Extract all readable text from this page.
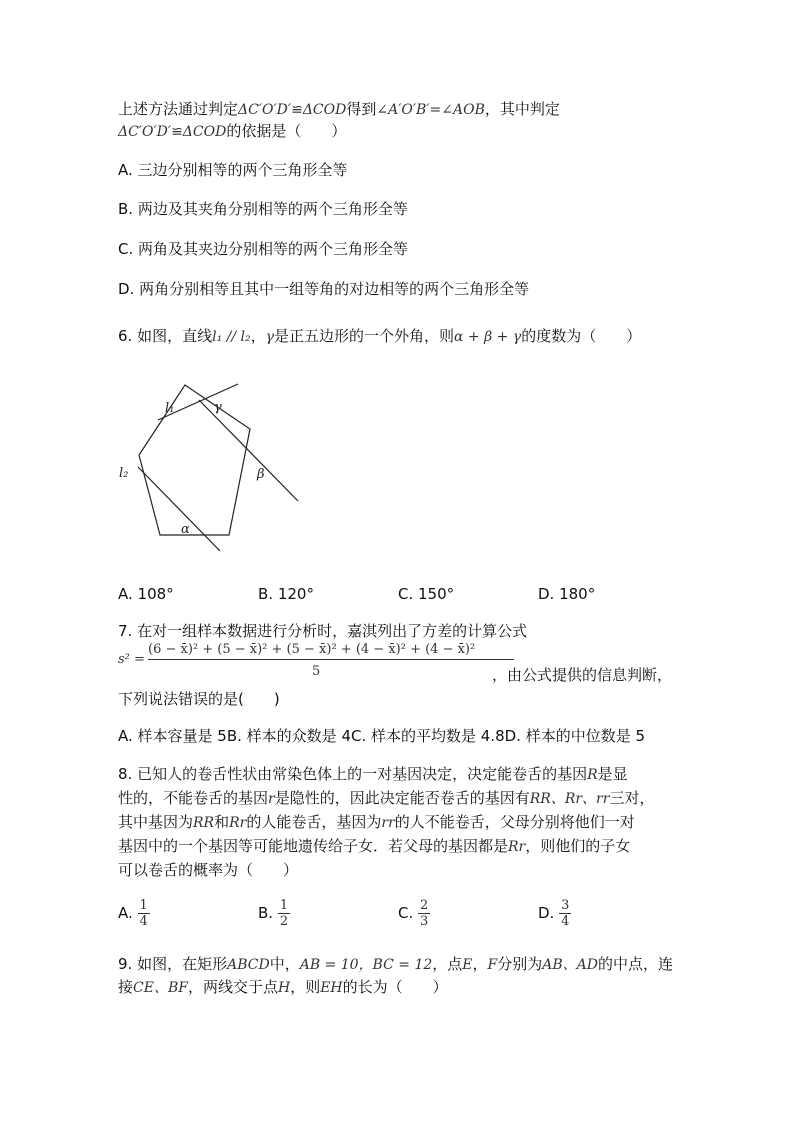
上述方法通过判定ΔC′O′D′≌ΔCOD得到∠A′O′B′=∠AOB，其中判定
ΔC′O′D′≌ΔCOD的依据是（　　）
A. 三边分别相等的两个三角形全等
B. 两边及其夹角分别相等的两个三角形全等
C. 两角及其夹边分别相等的两个三角形全等
D. 两角分别相等且其中一组等角的对边相等的两个三角形全等
6. 如图，直线l₁ // l₂，γ是正五边形的一个外角，则α + β + γ的度数为（　　）
l₁	γ
l₂	β
α
A. 108°	B. 120°	C. 150°	D. 180°
7. 在对一组样本数据进行分析时，嘉淇列出了方差的计算公式
s² =
(6 − x̄)² + (5 − x̄)² + (5 − x̄)² + (4 − x̄)² + (4 − x̄)²
5	，由公式提供的信息判断，
下列说法错误的是(　　)
A. 样本容量是 5B. 样本的众数是 4C. 样本的平均数是 4.8D. 样本的中位数是 5
8. 已知人的卷舌性状由常染色体上的一对基因决定，决定能卷舌的基因R是显
性的，不能卷舌的基因r是隐性的，因此决定能否卷舌的基因有RR、Rr、rr三对，
其中基因为RR和Rr的人能卷舌，基因为rr的人不能卷舌，父母分别将他们一对
基因中的一个基因等可能地遗传给子女．若父母的基因都是Rr，则他们的子女
可以卷舌的概率为（　　）
A. $\frac{1}{4}$	B. $\frac{1}{2}$	C. $\frac{2}{3}$	D. $\frac{3}{4}$
9. 如图，在矩形ABCD中，AB = 10，BC = 12，点E，F分别为AB、AD的中点，连
接CE、BF，两线交于点H，则EH的长为（　　）
